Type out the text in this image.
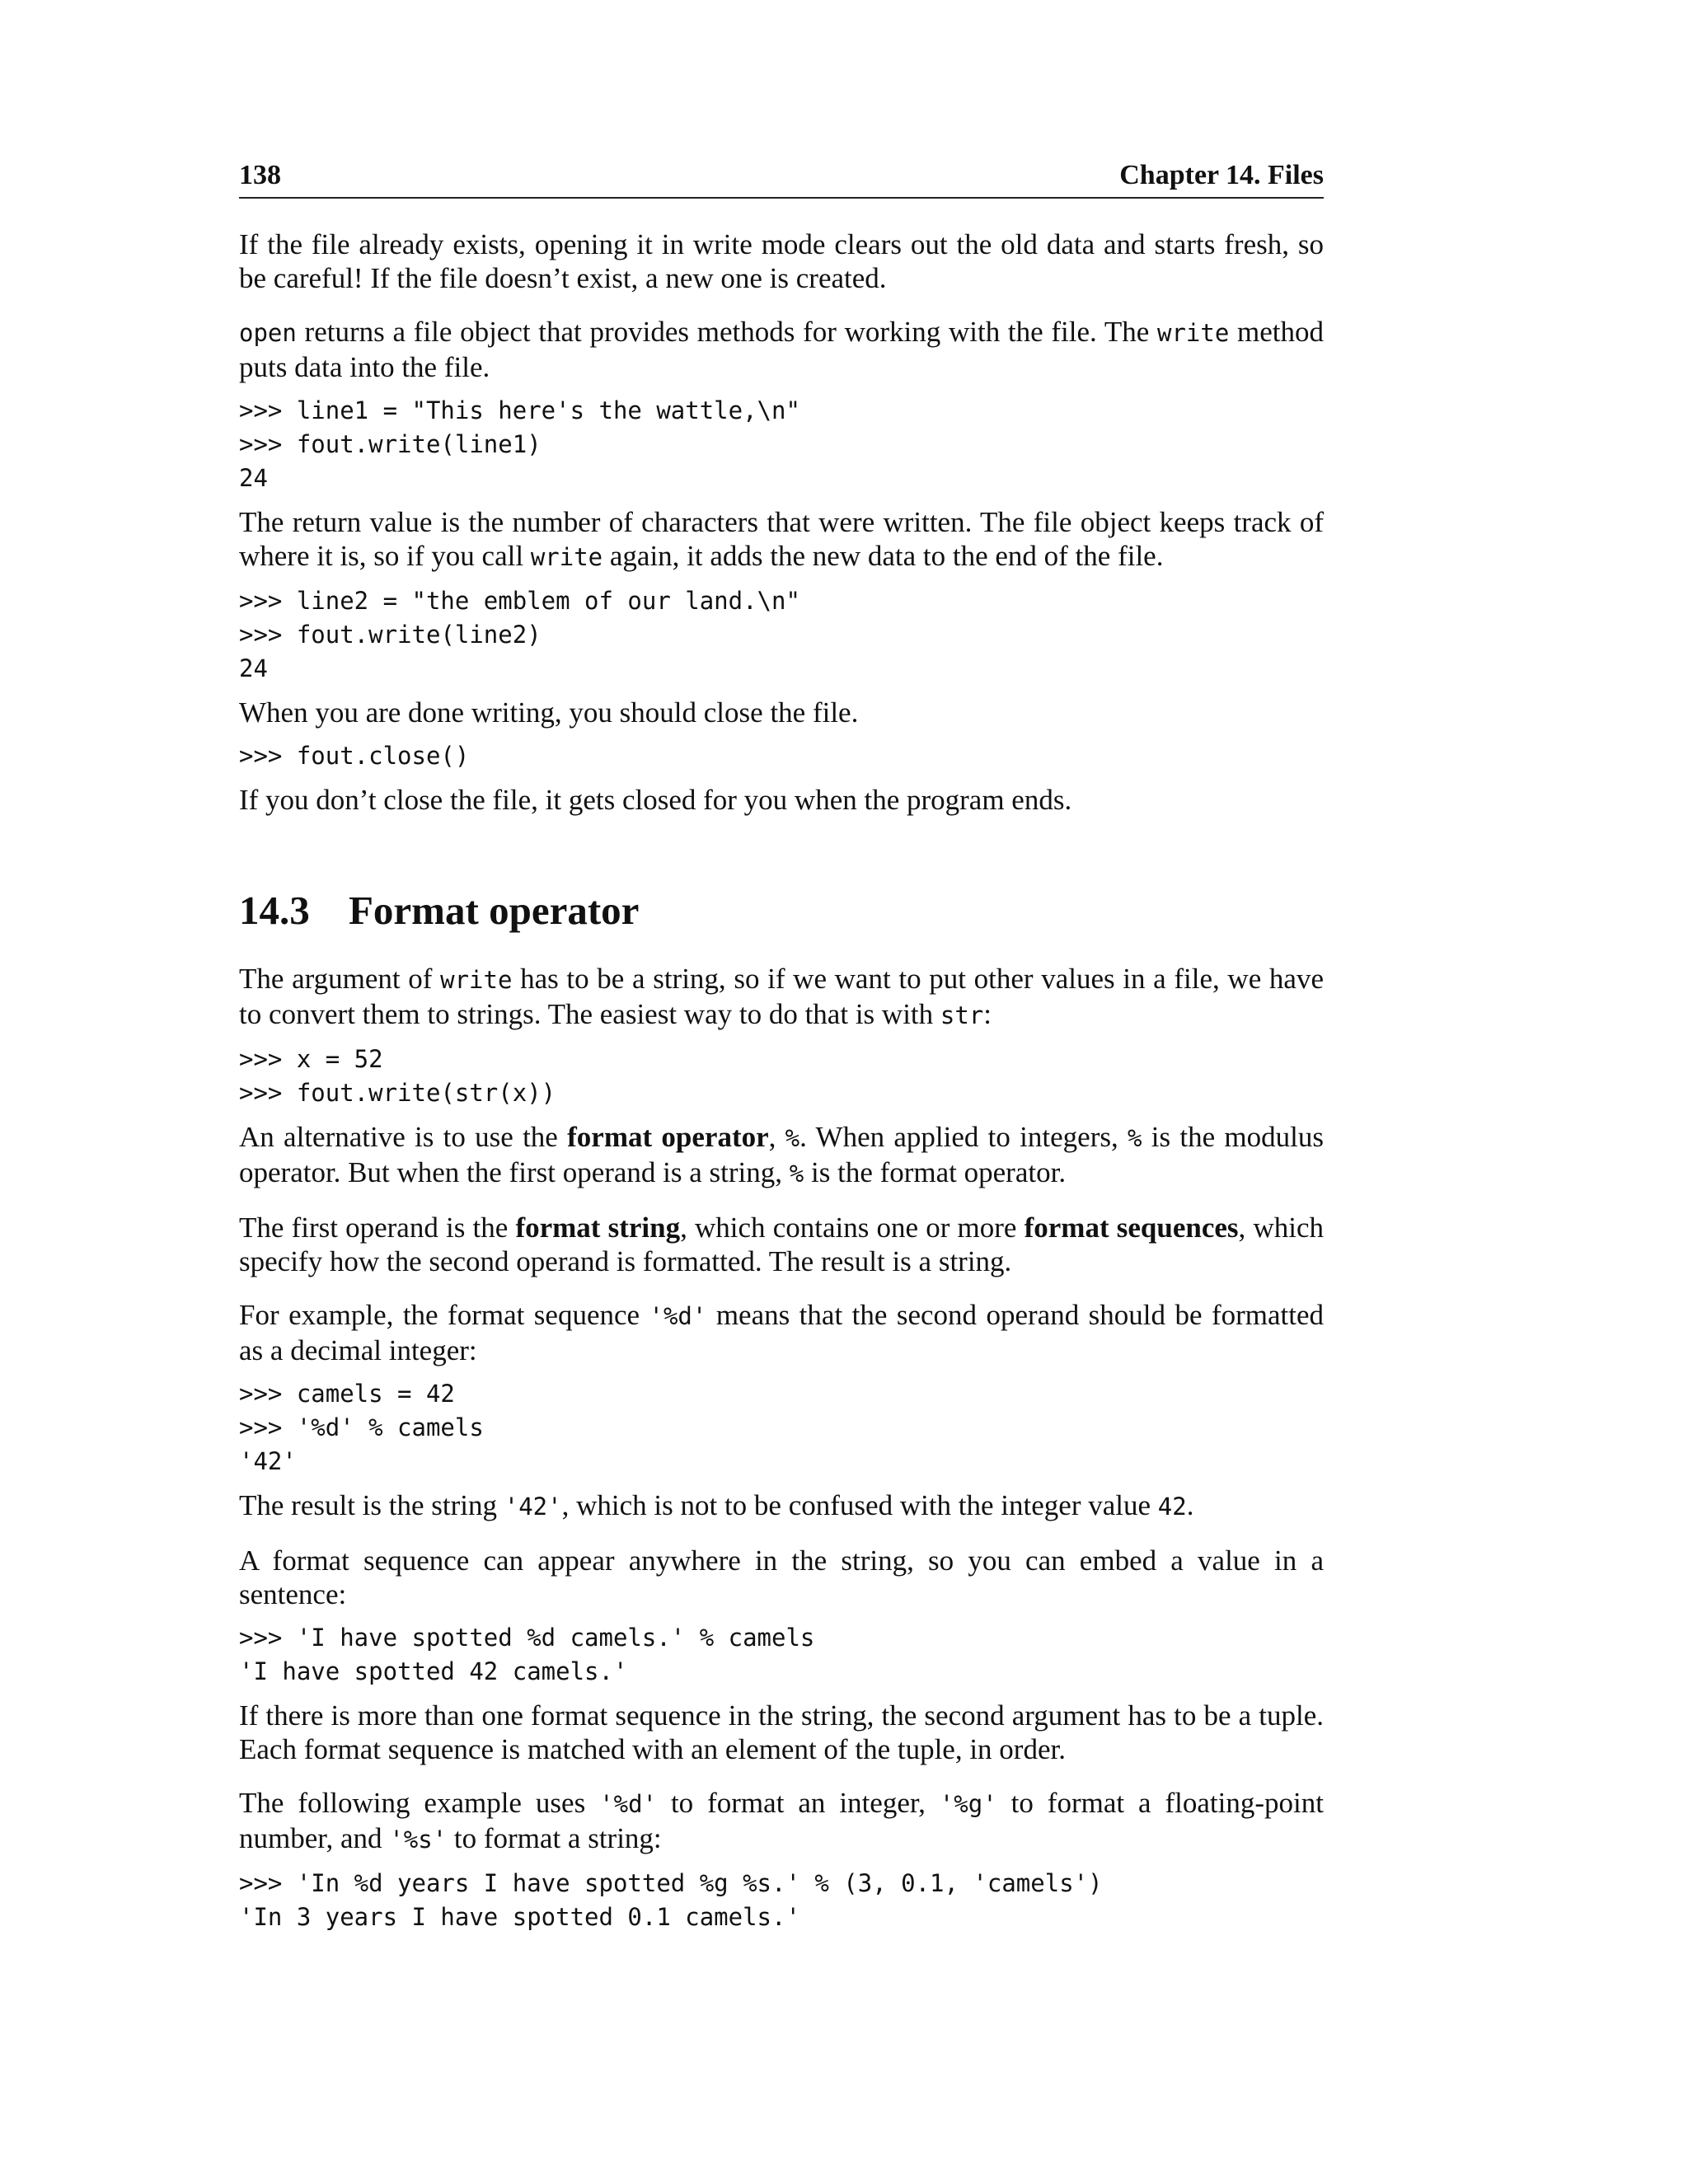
138	Chapter 14. Files

If the file already exists, opening it in write mode clears out the old data and starts fresh, so be careful! If the file doesn’t exist, a new one is created.

open returns a file object that provides methods for working with the file. The write method puts data into the file.

>>> line1 = "This here's the wattle,\n"
>>> fout.write(line1)
24

The return value is the number of characters that were written. The file object keeps track of where it is, so if you call write again, it adds the new data to the end of the file.

>>> line2 = "the emblem of our land.\n"
>>> fout.write(line2)
24

When you are done writing, you should close the file.

>>> fout.close()

If you don’t close the file, it gets closed for you when the program ends.

14.3 Format operator

The argument of write has to be a string, so if we want to put other values in a file, we have to convert them to strings. The easiest way to do that is with str:

>>> x = 52
>>> fout.write(str(x))

An alternative is to use the format operator, %. When applied to integers, % is the modulus operator. But when the first operand is a string, % is the format operator.

The first operand is the format string, which contains one or more format sequences, which specify how the second operand is formatted. The result is a string.

For example, the format sequence '%d' means that the second operand should be formatted as a decimal integer:

>>> camels = 42
>>> '%d' % camels
'42'

The result is the string '42', which is not to be confused with the integer value 42.

A format sequence can appear anywhere in the string, so you can embed a value in a sentence:

>>> 'I have spotted %d camels.' % camels
'I have spotted 42 camels.'

If there is more than one format sequence in the string, the second argument has to be a tuple. Each format sequence is matched with an element of the tuple, in order.

The following example uses '%d' to format an integer, '%g' to format a floating-point number, and '%s' to format a string:

>>> 'In %d years I have spotted %g %s.' % (3, 0.1, 'camels')
'In 3 years I have spotted 0.1 camels.'
